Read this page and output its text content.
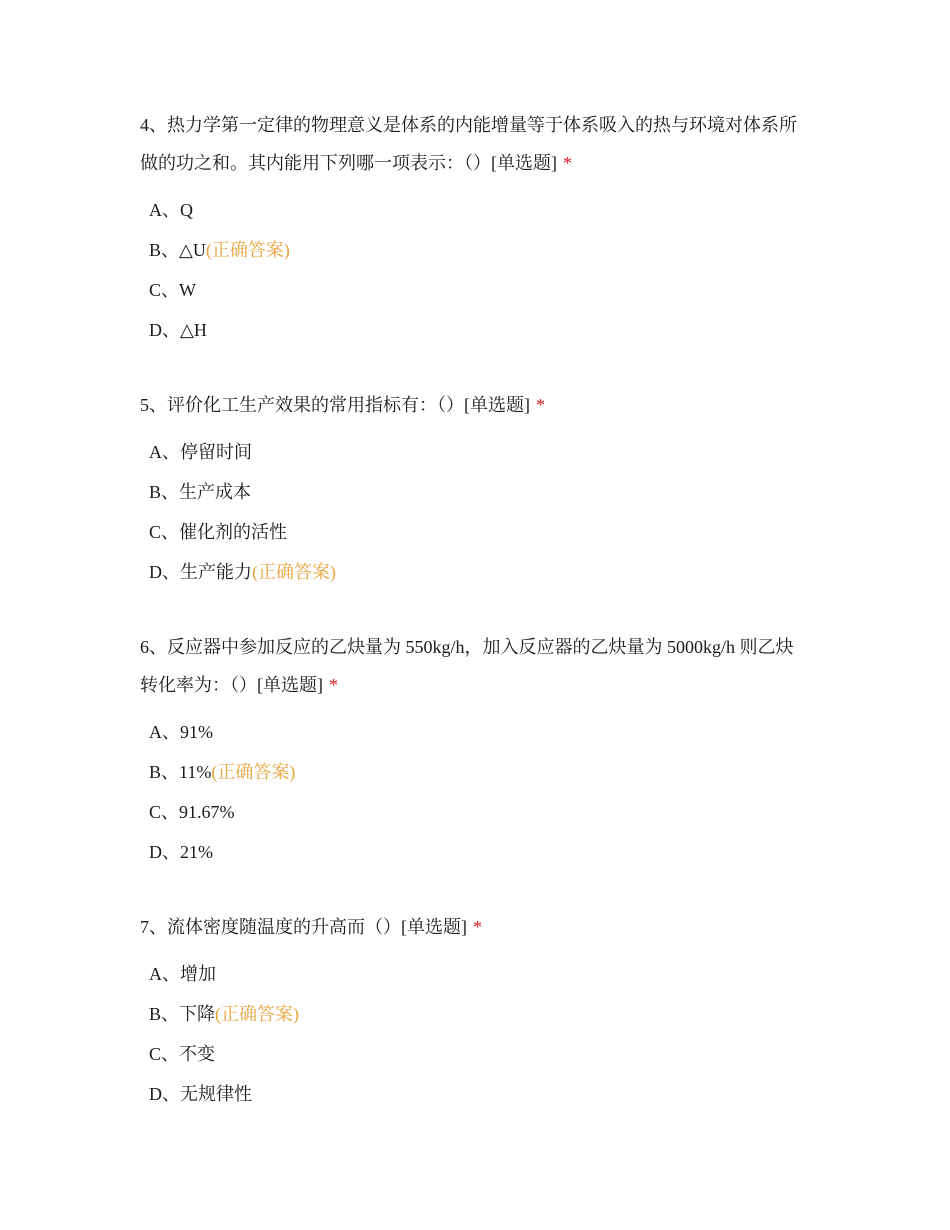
4、热力学第一定律的物理意义是体系的内能增量等于体系吸入的热与环境对体系所做的功之和。其内能用下列哪一项表示：（）[单选题] *

A、Q
B、△U(正确答案)
C、W
D、△H

5、评价化工生产效果的常用指标有：（）[单选题] *

A、停留时间
B、生产成本
C、催化剂的活性
D、生产能力(正确答案)

6、反应器中参加反应的乙炔量为 550kg/h，加入反应器的乙炔量为 5000kg/h 则乙炔转化率为：（）[单选题] *

A、91%
B、11%(正确答案)
C、91.67%
D、21%

7、流体密度随温度的升高而（）[单选题] *

A、增加
B、下降(正确答案)
C、不变
D、无规律性
